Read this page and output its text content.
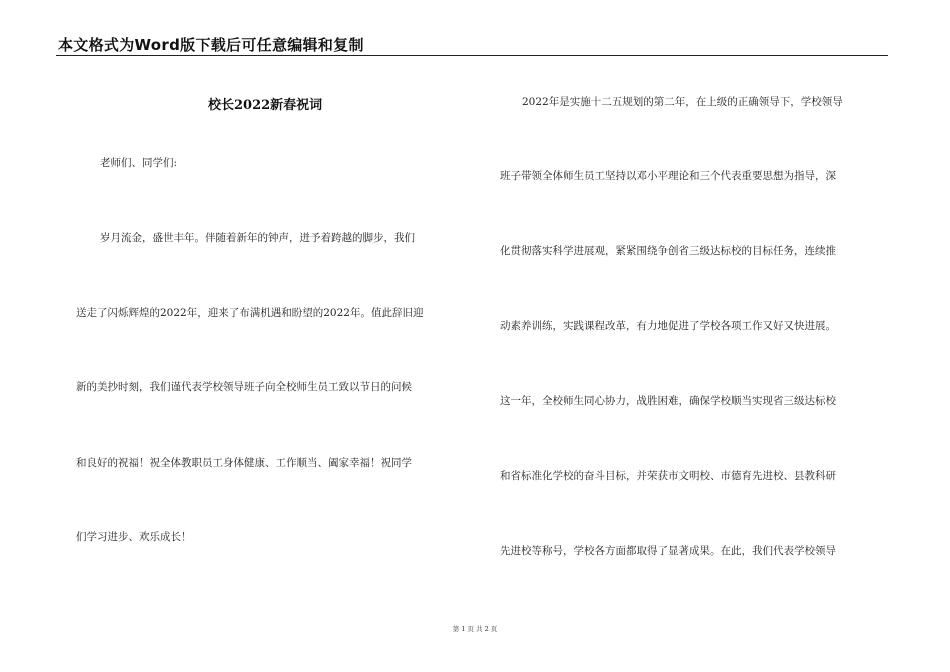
本文格式为Word版下载后可任意编辑和复制
校长2022新春祝词
老师们、同学们:
岁月流金，盛世丰年。伴随着新年的钟声，迸予着跨越的脚步，我们
送走了闪烁辉煌的2022年，迎来了布满机遇和盼望的2022年。值此辞旧迎
新的美抄时刻，我们谨代表学校领导班子向全校师生员工致以节日的问候
和良好的祝福！祝全体教职员工身体健康、工作顺当、阖家幸福！祝同学
们学习进步、欢乐成长！
2022年是实施十二五规划的第二年，在上级的正确领导下，学校领导
班子带领全体师生员工坚持以邓小平理论和三个代表重要思想为指导，深
化贯彻落实科学进展观，紧紧围绕争创省三级达标校的目标任务，连续推
动素养训练，实践课程改革，有力地促进了学校各项工作又好又快进展。
这一年，全校师生同心协力，战胜困难，确保学校顺当实现省三级达标校
和省标准化学校的奋斗目标，并荣获市文明校、市德育先进校、县教科研
先进校等称号，学校各方面都取得了显著成果。在此，我们代表学校领导
第 1 页 共 2 页
